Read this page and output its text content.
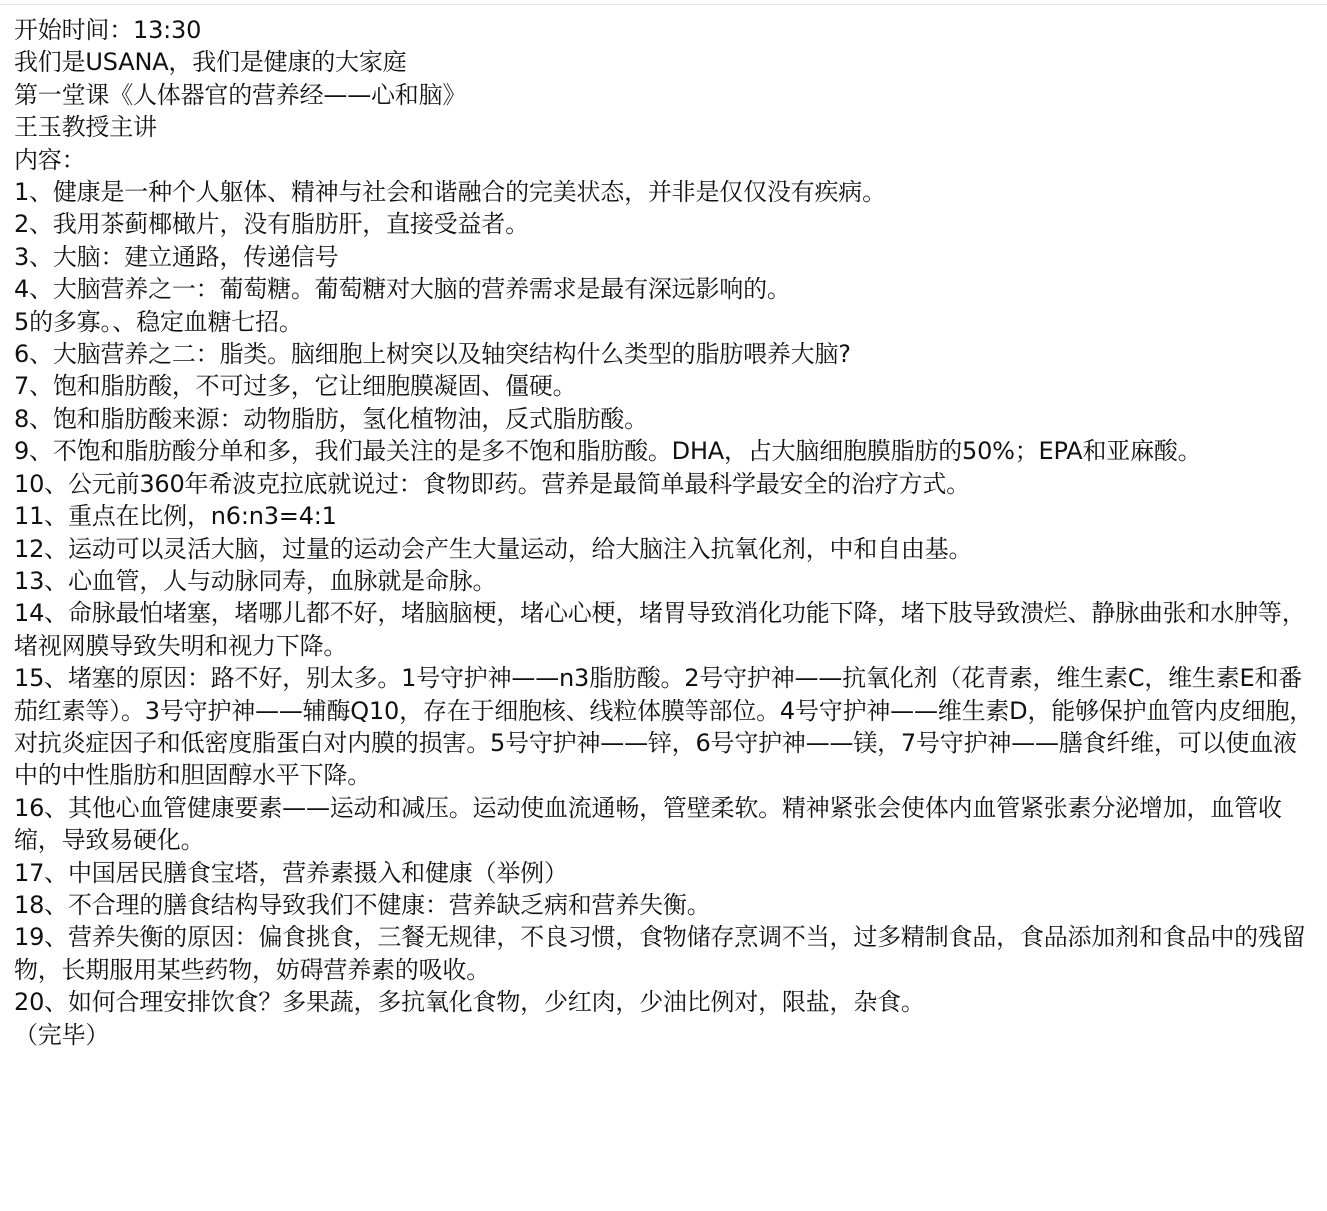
开始时间：13:30

我们是USANA，我们是健康的大家庭

第一堂课《人体器官的营养经——心和脑》

王玉教授主讲

内容：

1、健康是一种个人躯体、精神与社会和谐融合的完美状态，并非是仅仅没有疾病。

2、我用茶蓟椰橄片，没有脂肪肝，直接受益者。

3、大脑：建立通路，传递信号

4、大脑营养之一：葡萄糖。葡萄糖对大脑的营养需求是最有深远影响的。

5的多寡。、稳定血糖七招。

6、大脑营养之二：脂类。脑细胞上树突以及轴突结构什么类型的脂肪喂养大脑?

7、饱和脂肪酸，不可过多，它让细胞膜凝固、僵硬。

8、饱和脂肪酸来源：动物脂肪，氢化植物油，反式脂肪酸。

9、不饱和脂肪酸分单和多，我们最关注的是多不饱和脂肪酸。DHA，占大脑细胞膜脂肪的50%；EPA和亚麻酸。

10、公元前360年希波克拉底就说过：食物即药。营养是最简单最科学最安全的治疗方式。

11、重点在比例，n6:n3=4:1

12、运动可以灵活大脑，过量的运动会产生大量运动，给大脑注入抗氧化剂，中和自由基。

13、心血管，人与动脉同寿，血脉就是命脉。

14、命脉最怕堵塞，堵哪儿都不好，堵脑脑梗，堵心心梗，堵胃导致消化功能下降，堵下肢导致溃烂、静脉曲张和水肿等，堵视网膜导致失明和视力下降。

15、堵塞的原因：路不好，别太多。1号守护神——n3脂肪酸。2号守护神——抗氧化剂（花青素，维生素C，维生素E和番茄红素等）。3号守护神——辅酶Q10，存在于细胞核、线粒体膜等部位。4号守护神——维生素D，能够保护血管内皮细胞，对抗炎症因子和低密度脂蛋白对内膜的损害。5号守护神——锌，6号守护神——镁，7号守护神——膳食纤维，可以使血液中的中性脂肪和胆固醇水平下降。

16、其他心血管健康要素——运动和减压。运动使血流通畅，管壁柔软。精神紧张会使体内血管紧张素分泌增加，血管收缩，导致易硬化。

17、中国居民膳食宝塔，营养素摄入和健康（举例）

18、不合理的膳食结构导致我们不健康：营养缺乏病和营养失衡。

19、营养失衡的原因：偏食挑食，三餐无规律，不良习惯，食物储存烹调不当，过多精制食品，食品添加剂和食品中的残留物，长期服用某些药物，妨碍营养素的吸收。

20、如何合理安排饮食？多果蔬，多抗氧化食物，少红肉，少油比例对，限盐，杂食。

（完毕）
